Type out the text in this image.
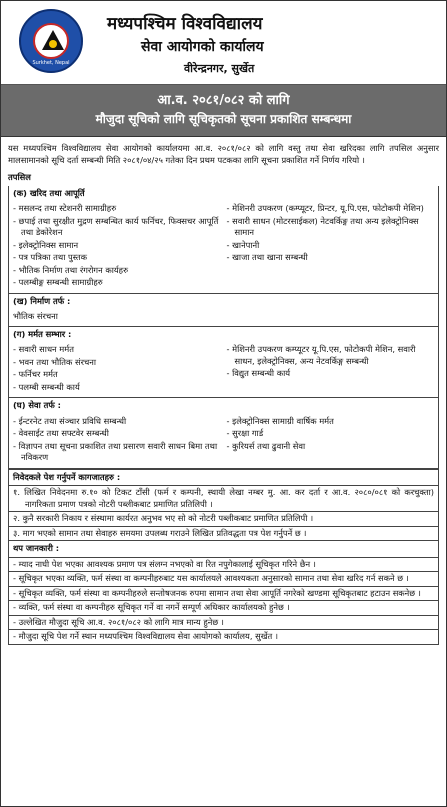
Surkhet, Nepal
मध्यपश्चिम विश्वविद्यालय
सेवा आयोगको कार्यालय
वीरेन्द्रनगर, सुर्खेत
आ.व. २०८१/०८२ को लागि
मौजुदा सूचिको लागि सूचिकृतको सूचना प्रकाशित सम्बन्धमा

यस मध्यपश्चिम विश्वविद्यालय सेवा आयोगको कार्यालयमा आ.व. २०८१/०८२ को लागि वस्तु तथा सेवा खरिदका लागि तपसिल अनुसार मालसामानको सूचि दर्ता सम्बन्धी मिति २०८१/०४/२५ गतेका दिन प्रथम पटकका लागि सूचना प्रकाशित गर्ने निर्णय गरियो ।

तपसिल
(क) खरिद तथा आपूर्ति
- मसलन्द तथा स्टेशनरी सामाग्रीहरु
- छपाई तथा सुरक्षीत मुद्रण सम्बन्धित कार्य फर्निचर, फिक्सचर आपूर्ति तथा डेकोरेशन
- इलेक्ट्रोनिक्स सामान
- पत्र पत्रिका तथा पुस्तक
- भौतिक निर्माण तथा रंगरोगन कार्यहरु
- पलम्बीङ्ग सम्बन्धी सामाग्रीहरु
- मेशिनरी उपकरण (कम्प्यूटर, प्रिन्टर, यू.पि.एस, फोटोकपी मेशिन)
- सवारी साधन (मोटरसाईकल) नेटवर्किङ्ग तथा अन्य इलेक्ट्रोनिक्स सामान
- खानेपानी
- खाजा तथा खाना सम्बन्धी
(ख) निर्माण तर्फ :
भौतिक संरचना
(ग) मर्मत सम्भार :
- सवारी साधन मर्मत
- भवन तथा भौतिक संरचना
- फर्निचर मर्मत
- पलम्बी सम्बन्धी कार्य
- मेशिनरी उपकरण कम्प्यूटर यू.पि.एस, फोटोकपी मेशिन, सवारी साधन, इलेक्ट्रोनिक्स, अन्य नेटवर्किङ्ग सम्बन्धी
- विद्युत सम्बन्धी कार्य
(घ) सेवा तर्फ :
- ईन्टरनेट तथा संञ्चार प्रविधि सम्बन्धी
- वेवसाईट तथा सफ्टवेर सम्बन्धी
- विज्ञापन तथा सूचना प्रकाशित तथा प्रसारण सवारी साधन बिमा तथा नविकरण
- इलेक्ट्रोनिक्स सामाग्री वार्षिक मर्मत
- सुरक्षा गार्ड
- कुरियर्स तथा ढुवानी सेवा
निवेदकले पेश गर्नुपर्ने कागजातहरु :
१. लिखित निवेदनमा रु.१० को टिकट टाँसी (फर्म र कम्पनी, स्थायी लेखा नम्बर मु. आ. कर दर्ता र आ.व. २०८०/०८१ को करचुक्ता) नागरिकता प्रमाण पत्रको नोटरी पब्लीकबाट प्रमाणित प्रतिलिपी ।
२. कुनै सरकारी निकाय र संस्थामा कार्यरत अनुभव भए सो को नोटरी पब्लीकबाट प्रमाणित प्रतिलिपी ।
३. माग भएको सामान तथा सेवाहरु समयमा उपलब्ध गराउने लिखित प्रतिवद्धता पत्र पेश गर्नुपर्ने छ ।
थप जानकारी :
- म्याद नाघी पेश भएका आवश्यक प्रमाण पत्र संलग्न नभएको वा रित नपुगेकालाई सूचिकृत गरिने छैन ।
- सूचिकृत भएका व्यक्ति, फर्म संस्था वा कम्पनीहरुबाट यस कार्यालयले आवश्यकता अनुसारको सामान तथा सेवा खरिद गर्न सकने छ ।
- सूचिकृत व्यक्ति, फर्म संस्था वा कम्पनीहरुले सन्तोषजनक रुपमा सामान तथा सेवा आपूर्ति नगरेको खण्डमा सूचिकृतबाट हटाउन सकनेछ ।
- व्यक्ति, फर्म संस्था वा कम्पनीहरु सूचिकृत गर्ने वा नगर्ने सम्पूर्ण अधिकार कार्यालयको हुनेछ ।
- उल्लेखित मौजुदा सूचि आ.व. २०८१/०८२ को लागि मात्र मान्य हुनेछ ।
- मौजुदा सूचि पेश गर्ने स्थान मध्यपश्चिम विश्वविद्यालय सेवा आयोगको कार्यालय, सुर्खेत ।
